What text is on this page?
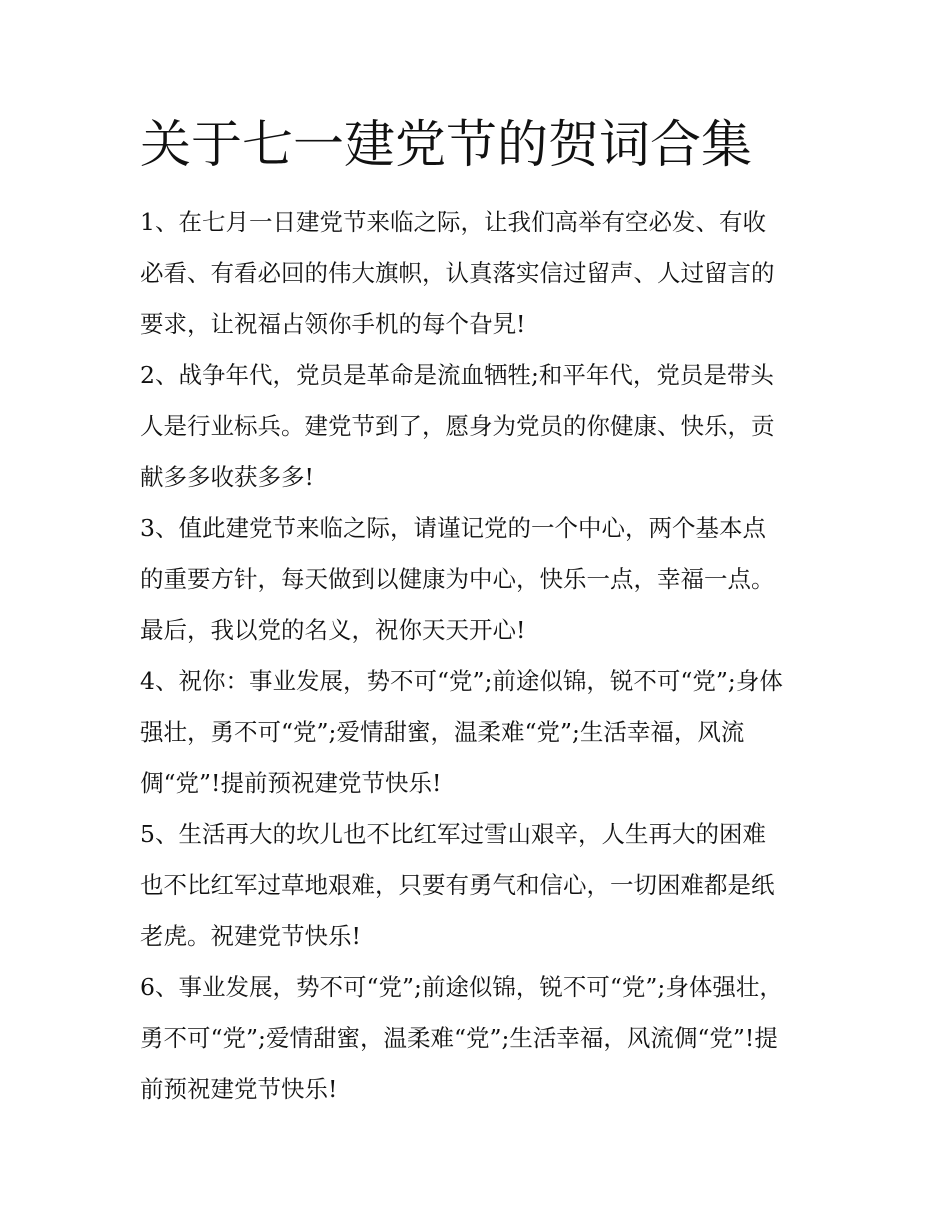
关于七一建党节的贺词合集

1、在七月一日建党节来临之际，让我们高举有空必发、有收
必看、有看必回的伟大旗帜，认真落实信过留声、人过留言的
要求，让祝福占领你手机的每个旮旯!

2、战争年代，党员是革命是流血牺牲;和平年代，党员是带头
人是行业标兵。建党节到了，愿身为党员的你健康、快乐，贡
献多多收获多多!

3、值此建党节来临之际，请谨记党的一个中心，两个基本点
的重要方针，每天做到以健康为中心，快乐一点，幸福一点。
最后，我以党的名义，祝你天天开心!

4、祝你：事业发展，势不可“党”;前途似锦，锐不可“党”;身体
强壮，勇不可“党”;爱情甜蜜，温柔难“党”;生活幸福，风流
倜“党”!提前预祝建党节快乐!

5、生活再大的坎儿也不比红军过雪山艰辛，人生再大的困难
也不比红军过草地艰难，只要有勇气和信心，一切困难都是纸
老虎。祝建党节快乐!

6、事业发展，势不可“党”;前途似锦，锐不可“党”;身体强壮，
勇不可“党”;爱情甜蜜，温柔难“党”;生活幸福，风流倜“党”!提
前预祝建党节快乐!
